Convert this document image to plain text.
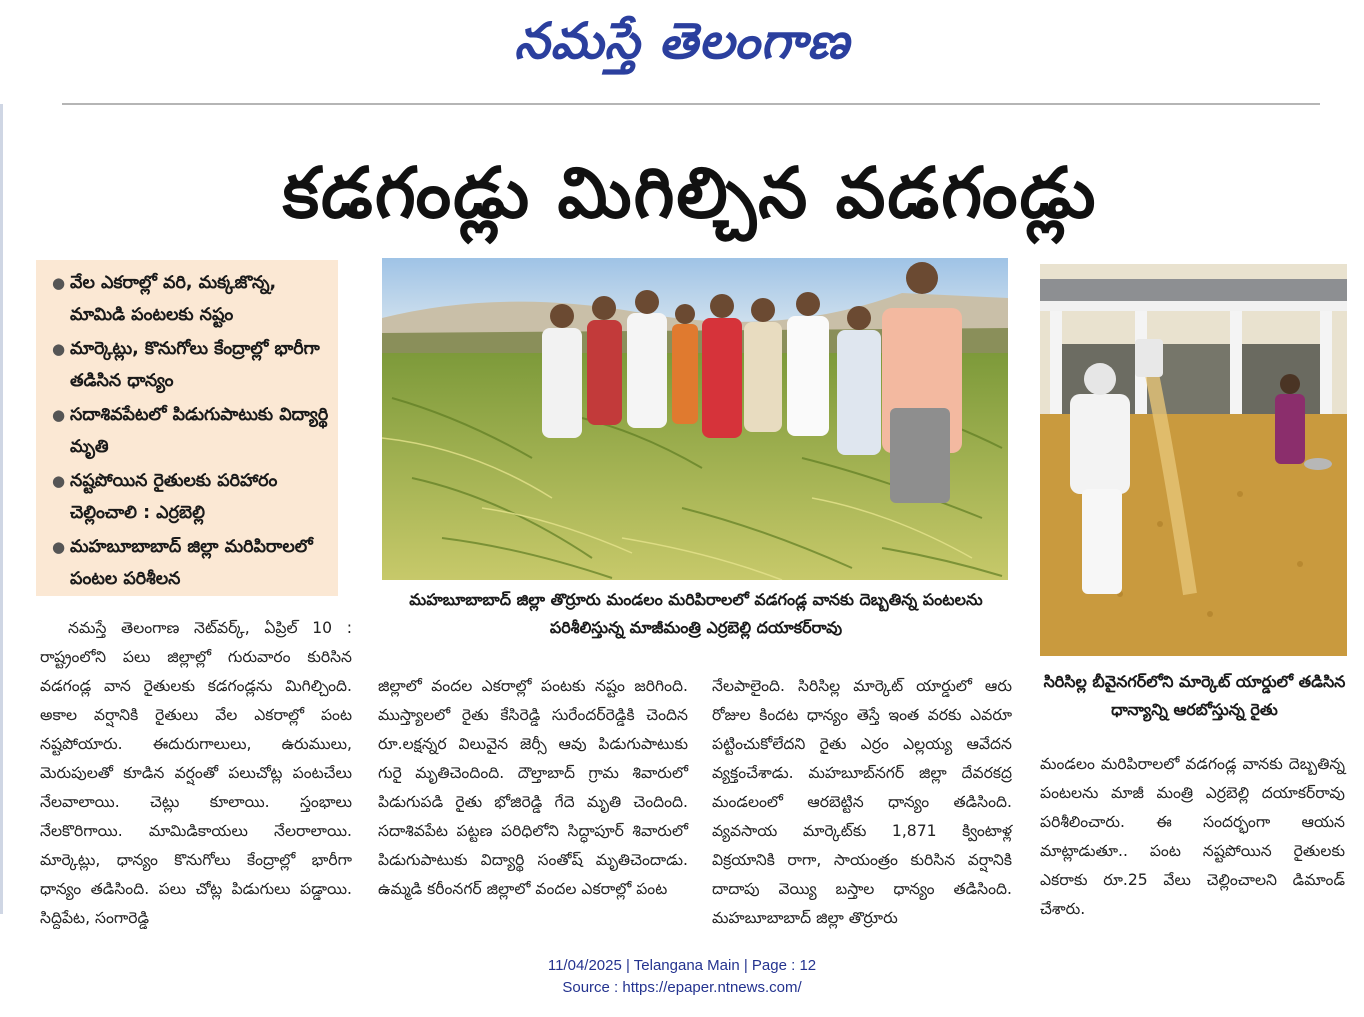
నమస్తే తెలంగాణ
కడగండ్లు మిగిల్చిన వడగండ్లు
● వేల ఎకరాల్లో వరి, మక్కజొన్న, మామిడి పంటలకు నష్టం
● మార్కెట్లు, కొనుగోలు కేంద్రాల్లో భారీగా తడిసిన ధాన్యం
● సదాశివపేటలో పిడుగుపాటుకు విద్యార్థి మృతి
● నష్టపోయిన రైతులకు పరిహారం చెల్లించాలి : ఎర్రబెల్లి
● మహబూబాబాద్ జిల్లా మరిపిరాలలో పంటల పరిశీలన
మహబూబాబాద్ జిల్లా తొర్రూరు మండలం మరిపిరాలలో వడగండ్ల వానకు దెబ్బతిన్న పంటలను పరిశీలిస్తున్న మాజీమంత్రి ఎర్రబెల్లి దయాకర్‌రావు
సిరిసిల్ల బీవైనగర్‌లోని మార్కెట్ యార్డులో తడిసిన ధాన్యాన్ని ఆరబోస్తున్న రైతు
నమస్తే తెలంగాణ నెట్‌వర్క్, ఏప్రిల్ 10 : రాష్ట్రంలోని పలు జిల్లాల్లో గురువారం కురిసిన వడగండ్ల వాన రైతులకు కడగండ్లను మిగిల్చింది. అకాల వర్షానికి రైతులు వేల ఎకరాల్లో పంట నష్టపోయారు. ఈదురుగాలులు, ఉరుములు, మెరుపులతో కూడిన వర్షంతో పలుచోట్ల పంటచేలు నేలవాలాయి. చెట్లు కూలాయి. స్తంభాలు నేలకొరిగాయి. మామిడికాయలు నేలరాలాయి. మార్కెట్లు, ధాన్యం కొనుగోలు కేంద్రాల్లో భారీగా ధాన్యం తడిసింది. పలు చోట్ల పిడుగులు పడ్డాయి. సిద్దిపేట, సంగారెడ్డి
జిల్లాలో వందల ఎకరాల్లో పంటకు నష్టం జరిగింది. ముస్త్యాలలో రైతు కేసిరెడ్డి సురేందర్‌రెడ్డికి చెందిన రూ.లక్షన్నర విలువైన జెర్సీ ఆవు పిడుగుపాటుకు గురై మృతిచెందింది. దౌల్తాబాద్ గ్రామ శివారులో పిడుగుపడి రైతు భోజిరెడ్డి గేదె మృతి చెందింది. సదాశివపేట పట్టణ పరిధిలోని సిద్ధాపూర్ శివారులో పిడుగుపాటుకు విద్యార్థి సంతోష్ మృతిచెందాడు. ఉమ్మడి కరీంనగర్ జిల్లాలో వందల ఎకరాల్లో పంట
నేలపాలైంది. సిరిసిల్ల మార్కెట్ యార్డులో ఆరు రోజుల కిందట ధాన్యం తెస్తే ఇంత వరకు ఎవరూ పట్టించుకోలేదని రైతు ఎర్రం ఎల్లయ్య ఆవేదన వ్యక్తంచేశాడు. మహబూబ్‌నగర్ జిల్లా దేవరకద్ర మండలంలో ఆరబెట్టిన ధాన్యం తడిసింది. వ్యవసాయ మార్కెట్‌కు 1,871 క్వింటాళ్ల విక్రయానికి రాగా, సాయంత్రం కురిసిన వర్షానికి దాదాపు వెయ్యి బస్తాల ధాన్యం తడిసింది. మహబూబాబాద్ జిల్లా తొర్రూరు
మండలం మరిపిరాలలో వడగండ్ల వానకు దెబ్బతిన్న పంటలను మాజీ మంత్రి ఎర్రబెల్లి దయాకర్‌రావు పరిశీలించారు. ఈ సందర్భంగా ఆయన మాట్లాడుతూ.. పంట నష్టపోయిన రైతులకు ఎకరాకు రూ.25 వేలు చెల్లించాలని డిమాండ్ చేశారు.
11/04/2025 | Telangana Main | Page : 12
Source : https://epaper.ntnews.com/
